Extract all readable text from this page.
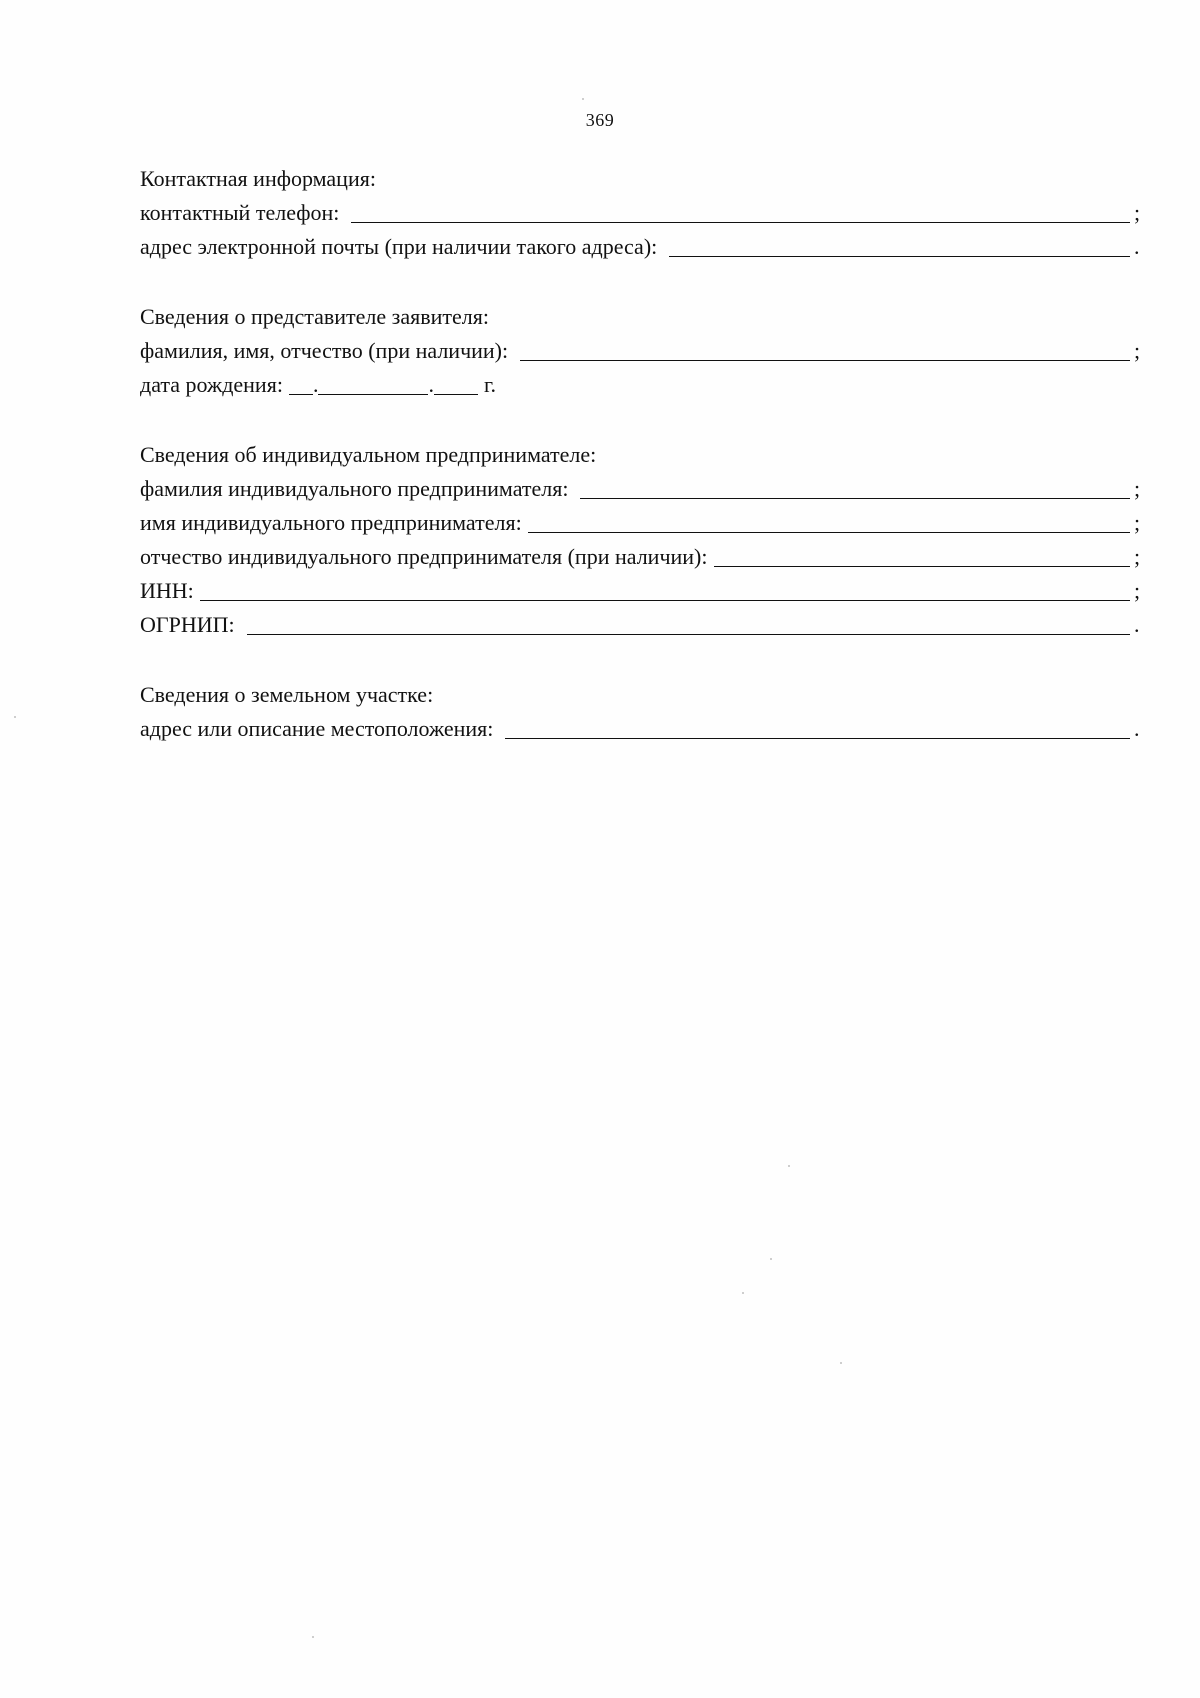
369
Контактная информация:
контактный телефон:	;
адрес электронной почты (при наличии такого адреса):	.
Сведения о представителе заявителя:
фамилия, имя, отчество (при наличии):	;
дата рождения: .	. г.
Сведения об индивидуальном предпринимателе:
фамилия индивидуального предпринимателя:	;
имя индивидуального предпринимателя:	;
отчество индивидуального предпринимателя (при наличии):	;
ИНН:	;
ОГРНИП:	.
Сведения о земельном участке:
адрес или описание местоположения:	.
